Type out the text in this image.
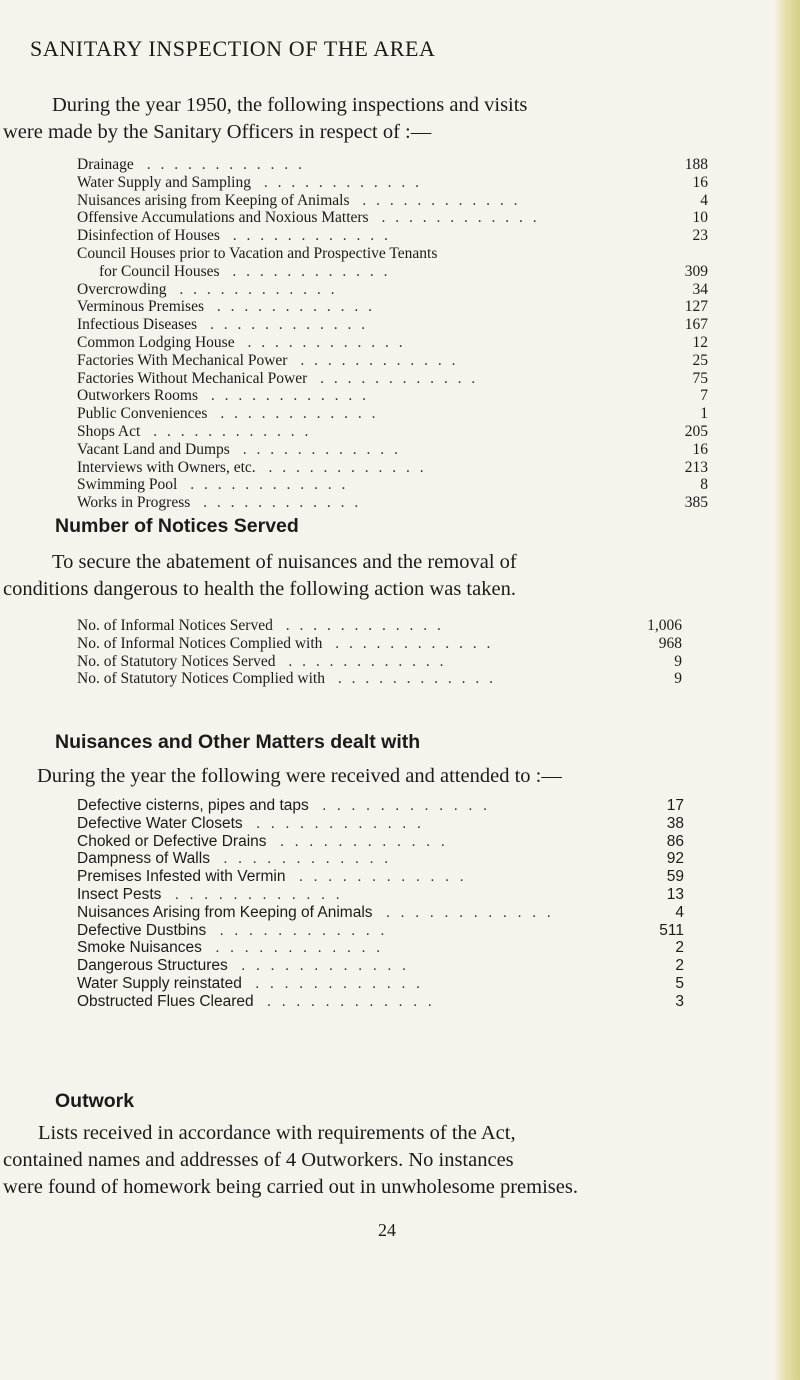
SANITARY INSPECTION OF THE AREA

During the year 1950, the following inspections and visits
were made by the Sanitary Officers in respect of :—

Drainage . . . . . . . . . . . .	188
Water Supply and Sampling . . . . . . . . . . . .	16
Nuisances arising from Keeping of Animals . . . . . . . . . . . .	4
Offensive Accumulations and Noxious Matters . . . . . . . . . . . .	10
Disinfection of Houses . . . . . . . . . . . .	23
Council Houses prior to Vacation and Prospective Tenants	
for Council Houses . . . . . . . . . . . .	309
Overcrowding . . . . . . . . . . . .	34
Verminous Premises . . . . . . . . . . . .	127
Infectious Diseases . . . . . . . . . . . .	167
Common Lodging House . . . . . . . . . . . .	12
Factories With Mechanical Power . . . . . . . . . . . .	25
Factories Without Mechanical Power . . . . . . . . . . . .	75
Outworkers Rooms . . . . . . . . . . . .	7
Public Conveniences . . . . . . . . . . . .	1
Shops Act . . . . . . . . . . . .	205
Vacant Land and Dumps . . . . . . . . . . . .	16
Interviews with Owners, etc. . . . . . . . . . . . .	213
Swimming Pool . . . . . . . . . . . .	8
Works in Progress . . . . . . . . . . . .	385
Number of Notices Served

To secure the abatement of nuisances and the removal of
conditions dangerous to health the following action was taken.

No. of Informal Notices Served . . . . . . . . . . . .	1,006
No. of Informal Notices Complied with . . . . . . . . . . . .	968
No. of Statutory Notices Served . . . . . . . . . . . .	9
No. of Statutory Notices Complied with . . . . . . . . . . . .	9
Nuisances and Other Matters dealt with

During the year the following were received and attended to :—

Defective cisterns, pipes and taps . . . . . . . . . . . .	17
Defective Water Closets . . . . . . . . . . . .	38
Choked or Defective Drains . . . . . . . . . . . .	86
Dampness of Walls . . . . . . . . . . . .	92
Premises Infested with Vermin . . . . . . . . . . . .	59
Insect Pests . . . . . . . . . . . .	13
Nuisances Arising from Keeping of Animals . . . . . . . . . . . .	4
Defective Dustbins . . . . . . . . . . . .	511
Smoke Nuisances . . . . . . . . . . . .	2
Dangerous Structures . . . . . . . . . . . .	2
Water Supply reinstated . . . . . . . . . . . .	5
Obstructed Flues Cleared . . . . . . . . . . . .	3
Outwork

Lists received in accordance with requirements of the Act,
contained names and addresses of 4 Outworkers. No instances
were found of homework being carried out in unwholesome premises.

24
